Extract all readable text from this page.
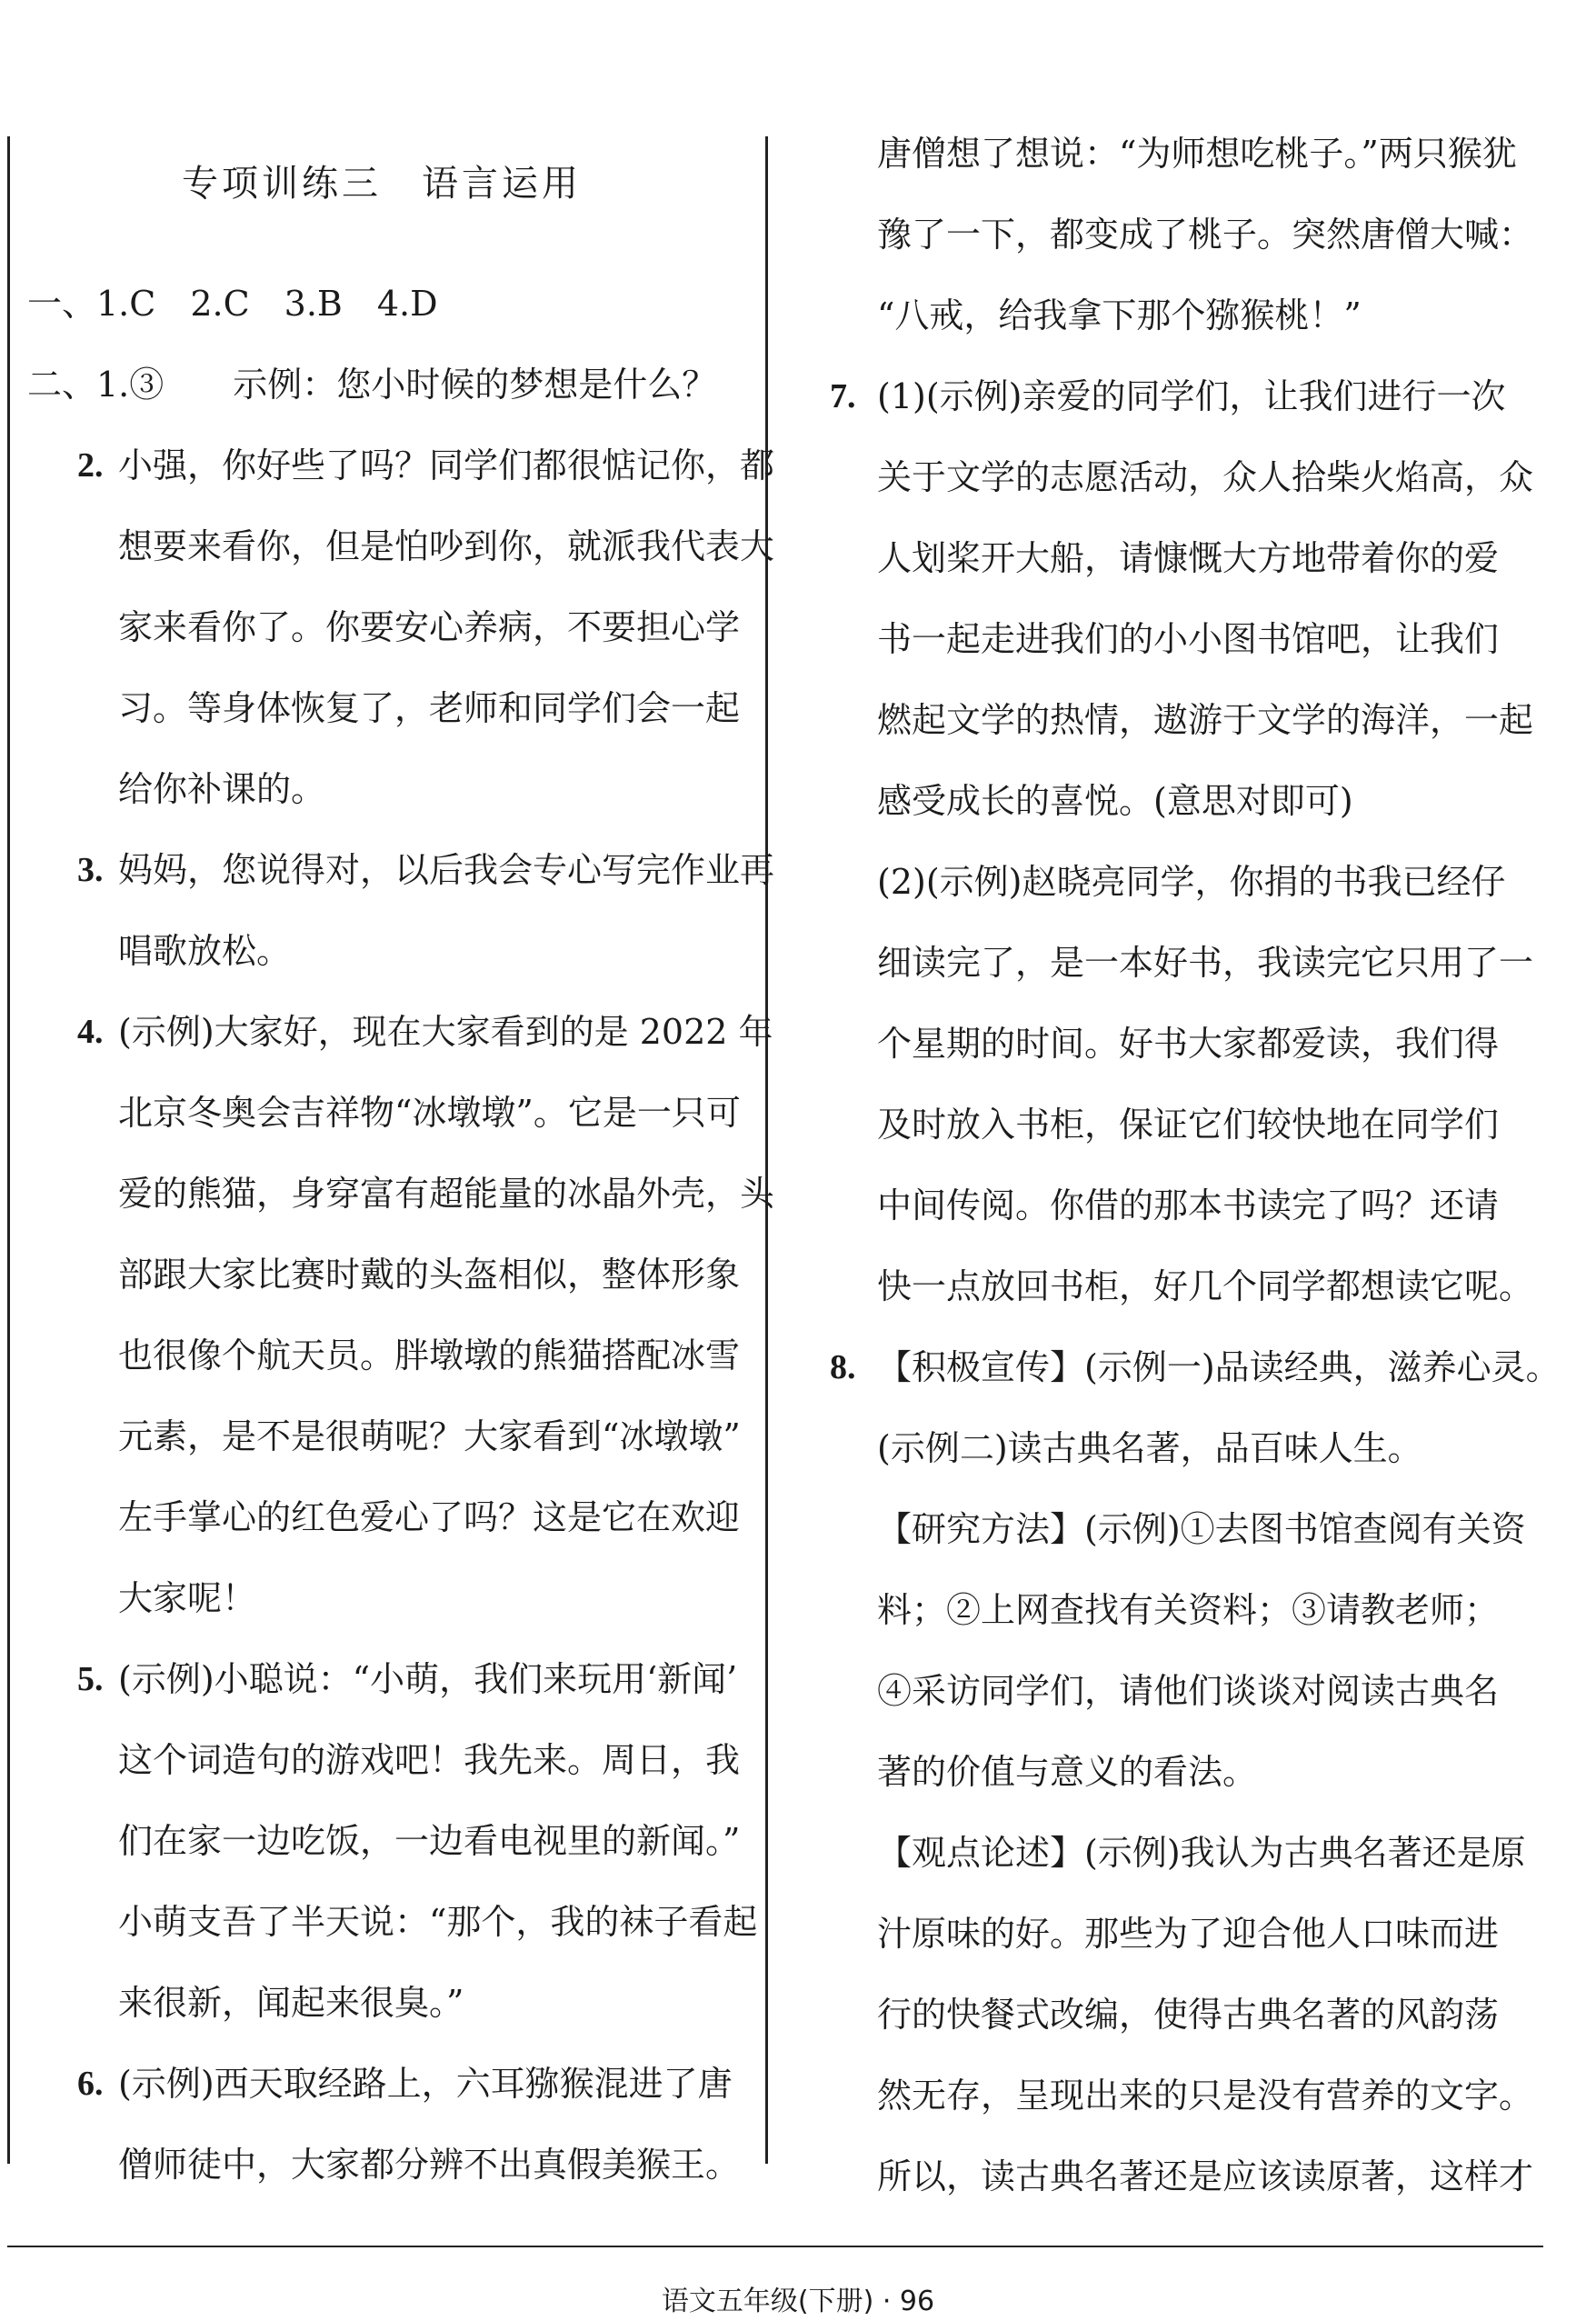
专项训练三　语言运用
一、1.C　2.C　3.B　4.D
二、1.③　　示例：您小时候的梦想是什么？
2. 小强，你好些了吗？同学们都很惦记你，都
想要来看你，但是怕吵到你，就派我代表大
家来看你了。你要安心养病，不要担心学
习。等身体恢复了，老师和同学们会一起
给你补课的。
3. 妈妈，您说得对，以后我会专心写完作业再
唱歌放松。
4. (示例)大家好，现在大家看到的是 2022 年
北京冬奥会吉祥物“冰墩墩”。它是一只可
爱的熊猫，身穿富有超能量的冰晶外壳，头
部跟大家比赛时戴的头盔相似，整体形象
也很像个航天员。胖墩墩的熊猫搭配冰雪
元素，是不是很萌呢？大家看到“冰墩墩”
左手掌心的红色爱心了吗？这是它在欢迎
大家呢！
5. (示例)小聪说：“小萌，我们来玩用‘新闻’
这个词造句的游戏吧！我先来。周日，我
们在家一边吃饭，一边看电视里的新闻。”
小萌支吾了半天说：“那个，我的袜子看起
来很新，闻起来很臭。”
6. (示例)西天取经路上，六耳猕猴混进了唐
僧师徒中，大家都分辨不出真假美猴王。
唐僧想了想说：“为师想吃桃子。”两只猴犹
豫了一下，都变成了桃子。突然唐僧大喊：
“八戒，给我拿下那个猕猴桃！”
7. (1)(示例)亲爱的同学们，让我们进行一次
关于文学的志愿活动，众人拾柴火焰高，众
人划桨开大船，请慷慨大方地带着你的爱
书一起走进我们的小小图书馆吧，让我们
燃起文学的热情，遨游于文学的海洋，一起
感受成长的喜悦。(意思对即可)
(2)(示例)赵晓亮同学，你捐的书我已经仔
细读完了，是一本好书，我读完它只用了一
个星期的时间。好书大家都爱读，我们得
及时放入书柜，保证它们较快地在同学们
中间传阅。你借的那本书读完了吗？还请
快一点放回书柜，好几个同学都想读它呢。
8. 【积极宣传】(示例一)品读经典，滋养心灵。
(示例二)读古典名著，品百味人生。
【研究方法】(示例)①去图书馆查阅有关资
料；②上网查找有关资料；③请教老师；
④采访同学们，请他们谈谈对阅读古典名
著的价值与意义的看法。
【观点论述】(示例)我认为古典名著还是原
汁原味的好。那些为了迎合他人口味而进
行的快餐式改编，使得古典名著的风韵荡
然无存，呈现出来的只是没有营养的文字。
所以，读古典名著还是应该读原著，这样才
语文五年级(下册) · 96
